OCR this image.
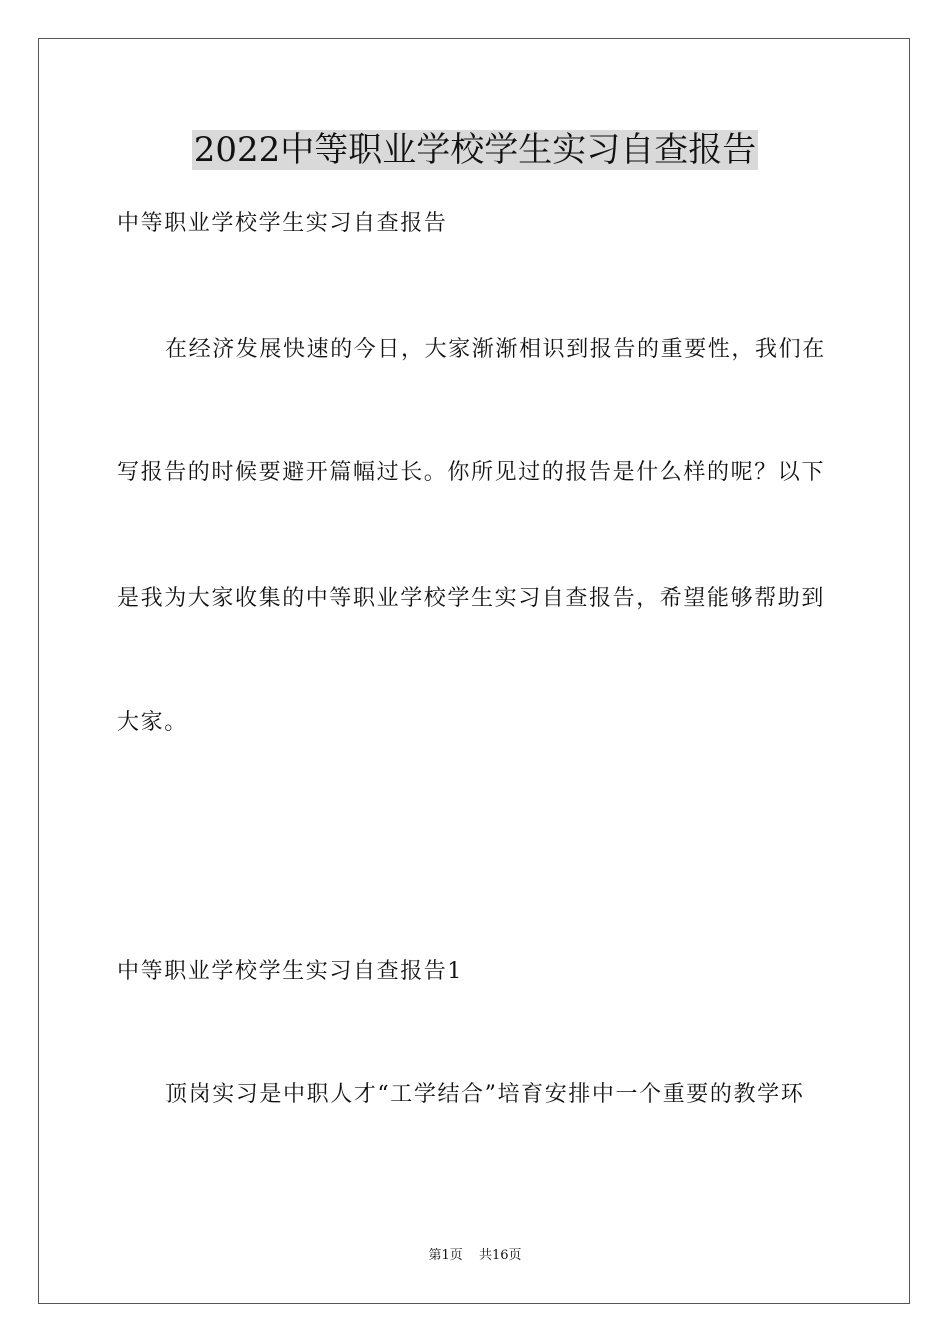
2022中等职业学校学生实习自查报告
中等职业学校学生实习自查报告
在经济发展快速的今日，大家渐渐相识到报告的重要性，我们在
写报告的时候要避开篇幅过长。你所见过的报告是什么样的呢？以下
是我为大家收集的中等职业学校学生实习自查报告，希望能够帮助到
大家。
中等职业学校学生实习自查报告1
顶岗实习是中职人才“工学结合”培育安排中一个重要的教学环
第1页 共16页
